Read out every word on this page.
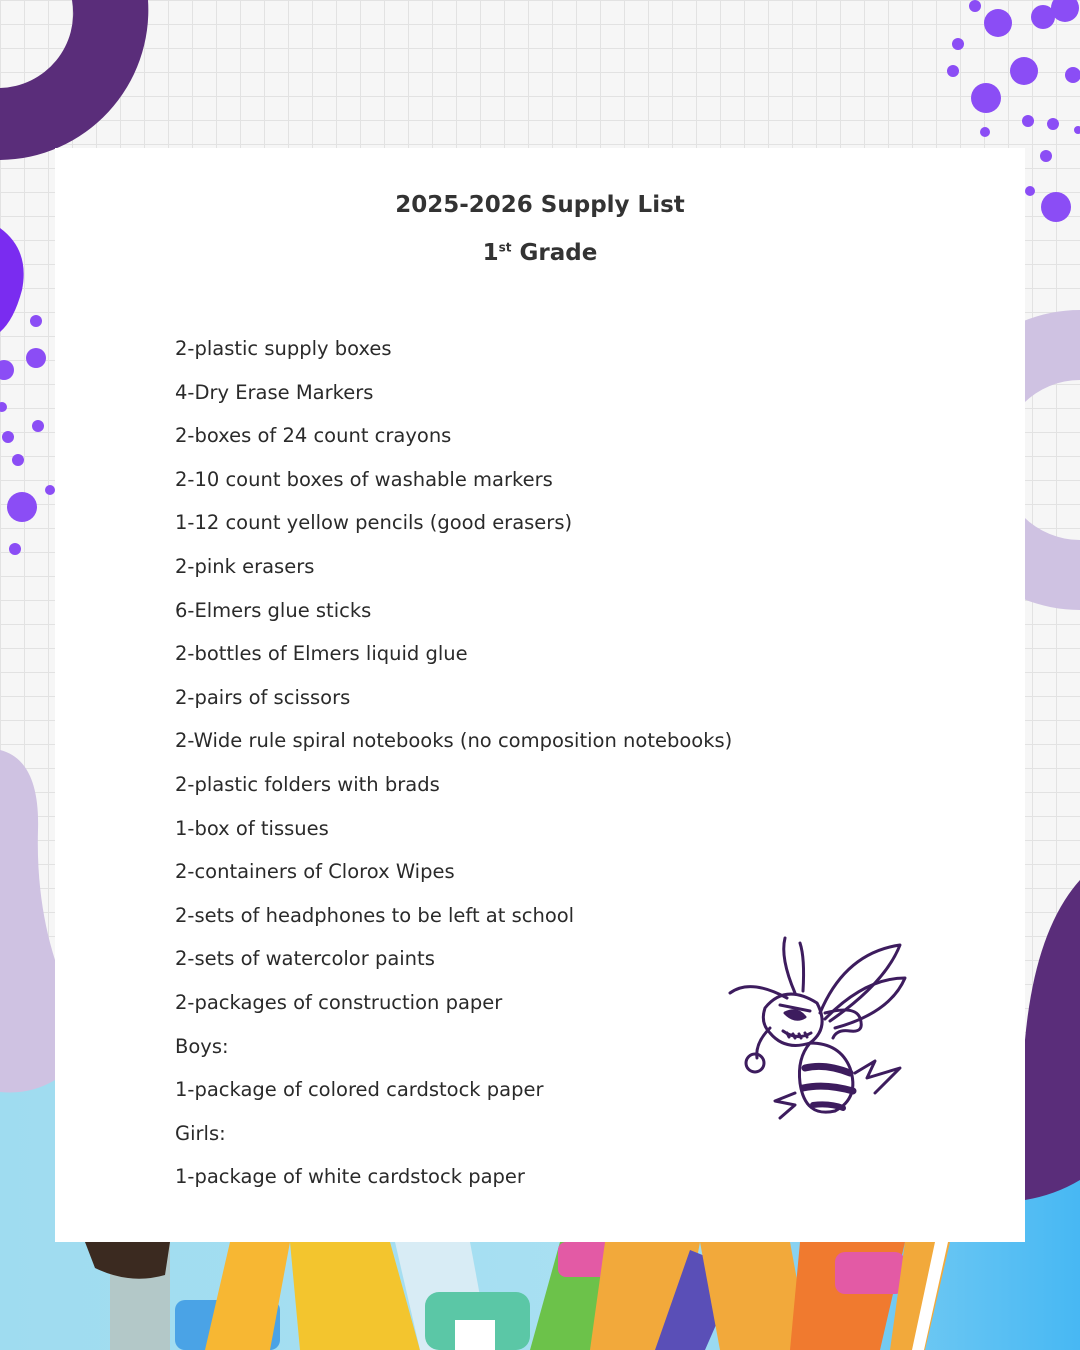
2025-2026 Supply List
1st Grade
2-plastic supply boxes
4-Dry Erase Markers
2-boxes of 24 count crayons
2-10 count boxes of washable markers
1-12 count yellow pencils (good erasers)
2-pink erasers
6-Elmers glue sticks
2-bottles of Elmers liquid glue
2-pairs of scissors
2-Wide rule spiral notebooks (no composition notebooks)
2-plastic folders with brads
1-box of tissues
2-containers of Clorox Wipes
2-sets of headphones to be left at school
2-sets of watercolor paints
2-packages of construction paper
Boys:
1-package of colored cardstock paper
Girls:
1-package of white cardstock paper
